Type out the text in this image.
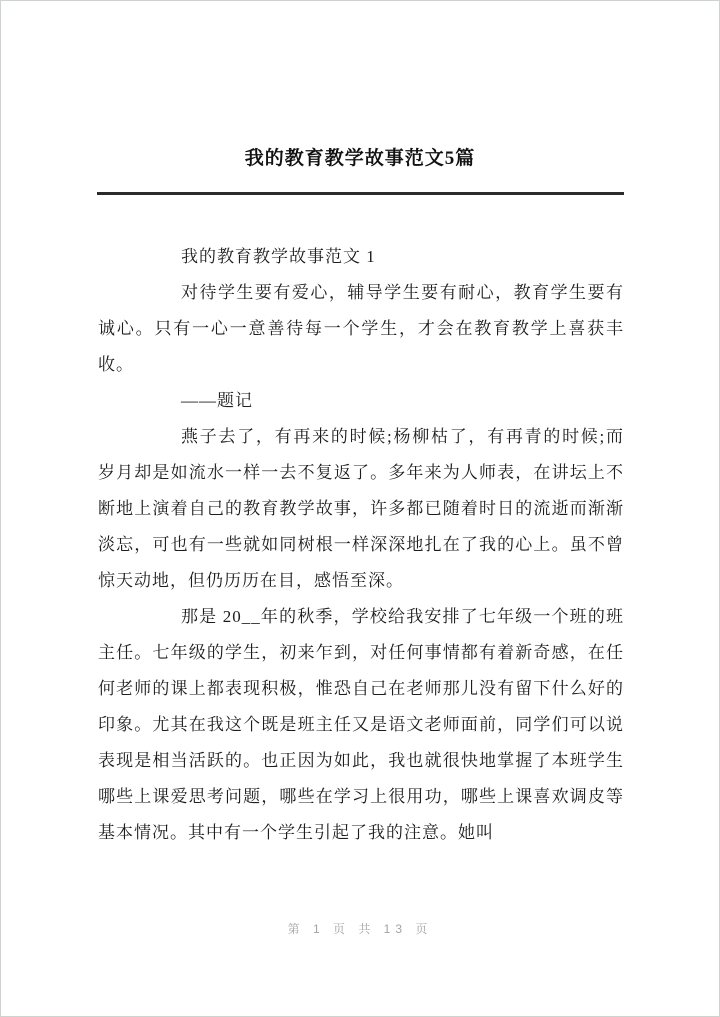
我的教育教学故事范文5篇

我的教育教学故事范文 1

对待学生要有爱心，辅导学生要有耐心，教育学生要有诚心。只有一心一意善待每一个学生，才会在教育教学上喜获丰收。

——题记

燕子去了，有再来的时候;杨柳枯了，有再青的时候;而岁月却是如流水一样一去不复返了。多年来为人师表，在讲坛上不断地上演着自己的教育教学故事，许多都已随着时日的流逝而渐渐淡忘，可也有一些就如同树根一样深深地扎在了我的心上。虽不曾惊天动地，但仍历历在目，感悟至深。

那是 20__年的秋季，学校给我安排了七年级一个班的班主任。七年级的学生，初来乍到，对任何事情都有着新奇感，在任何老师的课上都表现积极，惟恐自己在老师那儿没有留下什么好的印象。尤其在我这个既是班主任又是语文老师面前，同学们可以说表现是相当活跃的。也正因为如此，我也就很快地掌握了本班学生哪些上课爱思考问题，哪些在学习上很用功，哪些上课喜欢调皮等基本情况。其中有一个学生引起了我的注意。她叫

第 1 页 共 13 页
